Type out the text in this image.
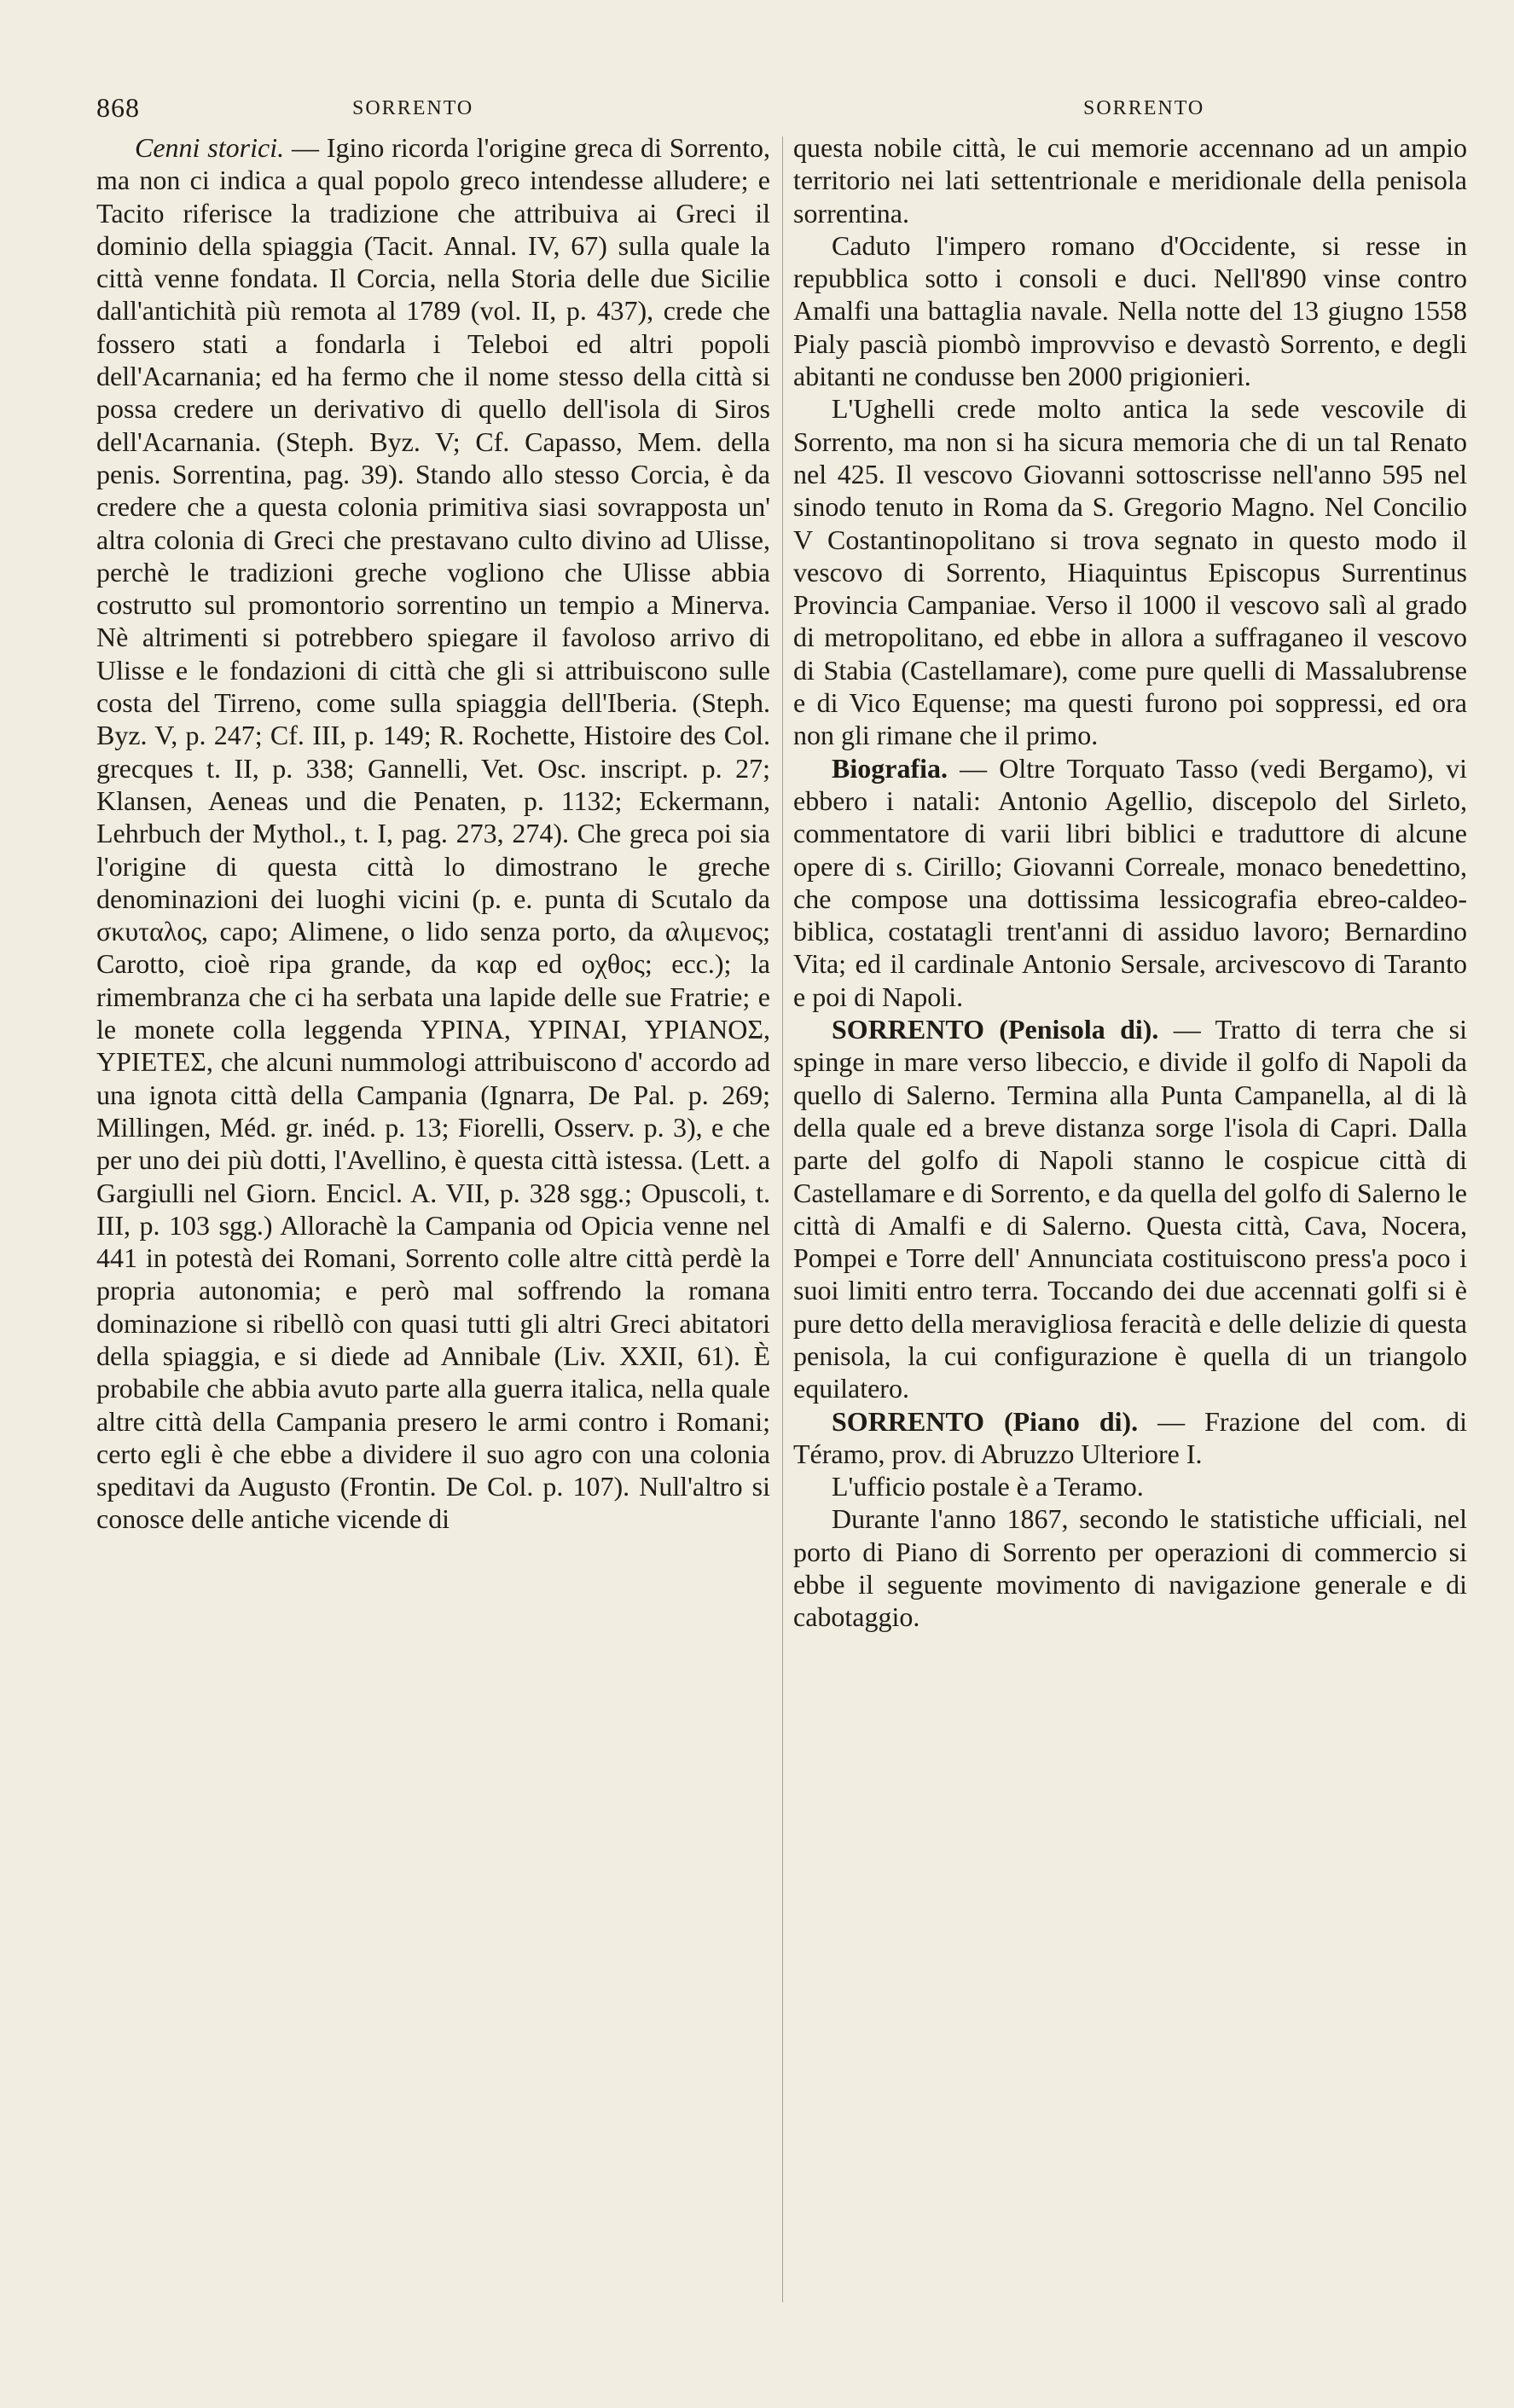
868	SORRENTO	SORRENTO

Cenni storici. — Igino ricorda l'origine greca di Sorrento, ma non ci indica a qual popolo greco intendesse alludere; e Tacito riferisce la tradizione che attribuiva ai Greci il dominio della spiaggia (Tacit. Annal. IV, 67) sulla quale la città venne fondata. Il Corcia, nella Storia delle due Sicilie dall'antichità più remota al 1789 (vol. II, p. 437), crede che fossero stati a fondarla i Teleboi ed altri popoli dell'Acarnania; ed ha fermo che il nome stesso della città si possa credere un derivativo di quello dell'isola di Siros dell'Acarnania. (Steph. Byz. V; Cf. Capasso, Mem. della penis. Sorrentina, pag. 39). Stando allo stesso Corcia, è da credere che a questa colonia primitiva siasi sovrapposta un' altra colonia di Greci che prestavano culto divino ad Ulisse, perchè le tradizioni greche vogliono che Ulisse abbia costrutto sul promontorio sorrentino un tempio a Minerva. Nè altrimenti si potrebbero spiegare il favoloso arrivo di Ulisse e le fondazioni di città che gli si attribuiscono sulle costa del Tirreno, come sulla spiaggia dell'Iberia. (Steph. Byz. V, p. 247; Cf. III, p. 149; R. Rochette, Histoire des Col. grecques t. II, p. 338; Gannelli, Vet. Osc. inscript. p. 27; Klansen, Aeneas und die Penaten, p. 1132; Eckermann, Lehrbuch der Mythol., t. I, pag. 273, 274). Che greca poi sia l'origine di questa città lo dimostrano le greche denominazioni dei luoghi vicini (p. e. punta di Scutalo da σκυταλος, capo; Alimene, o lido senza porto, da αλιμενος; Carotto, cioè ripa grande, da καρ ed οχθος; ecc.); la rimembranza che ci ha serbata una lapide delle sue Fratrie; e le monete colla leggenda ΥΡΙΝΑ, ΥΡΙΝΑΙ, ΥΡΙΑΝΟΣ, ΥΡΙΕΤΕΣ, che alcuni nummologi attribuiscono d' accordo ad una ignota città della Campania (Ignarra, De Pal. p. 269; Millingen, Méd. gr. inéd. p. 13; Fiorelli, Osserv. p. 3), e che per uno dei più dotti, l'Avellino, è questa città istessa. (Lett. a Gargiulli nel Giorn. Encicl. A. VII, p. 328 sgg.; Opuscoli, t. III, p. 103 sgg.) Allorachè la Campania od Opicia venne nel 441 in potestà dei Romani, Sorrento colle altre città perdè la propria autonomia; e però mal soffrendo la romana dominazione si ribellò con quasi tutti gli altri Greci abitatori della spiaggia, e si diede ad Annibale (Liv. XXII, 61). È probabile che abbia avuto parte alla guerra italica, nella quale altre città della Campania presero le armi contro i Romani; certo egli è che ebbe a dividere il suo agro con una colonia speditavi da Augusto (Frontin. De Col. p. 107). Null'altro si conosce delle antiche vicende di

questa nobile città, le cui memorie accennano ad un ampio territorio nei lati settentrionale e meridionale della penisola sorrentina.

Caduto l'impero romano d'Occidente, si resse in repubblica sotto i consoli e duci. Nell'890 vinse contro Amalfi una battaglia navale. Nella notte del 13 giugno 1558 Pialy pascià piombò improvviso e devastò Sorrento, e degli abitanti ne condusse ben 2000 prigionieri.

L'Ughelli crede molto antica la sede vescovile di Sorrento, ma non si ha sicura memoria che di un tal Renato nel 425. Il vescovo Giovanni sottoscrisse nell'anno 595 nel sinodo tenuto in Roma da S. Gregorio Magno. Nel Concilio V Costantinopolitano si trova segnato in questo modo il vescovo di Sorrento, Hiaquintus Episcopus Surrentinus Provincia Campaniae. Verso il 1000 il vescovo salì al grado di metropolitano, ed ebbe in allora a suffraganeo il vescovo di Stabia (Castellamare), come pure quelli di Massalubrense e di Vico Equense; ma questi furono poi soppressi, ed ora non gli rimane che il primo.

Biografia. — Oltre Torquato Tasso (vedi Bergamo), vi ebbero i natali: Antonio Agellio, discepolo del Sirleto, commentatore di varii libri biblici e traduttore di alcune opere di s. Cirillo; Giovanni Correale, monaco benedettino, che compose una dottissima lessicografia ebreo-caldeo-biblica, costatagli trent'anni di assiduo lavoro; Bernardino Vita; ed il cardinale Antonio Sersale, arcivescovo di Taranto e poi di Napoli.

SORRENTO (Penisola di). — Tratto di terra che si spinge in mare verso libeccio, e divide il golfo di Napoli da quello di Salerno. Termina alla Punta Campanella, al di là della quale ed a breve distanza sorge l'isola di Capri. Dalla parte del golfo di Napoli stanno le cospicue città di Castellamare e di Sorrento, e da quella del golfo di Salerno le città di Amalfi e di Salerno. Questa città, Cava, Nocera, Pompei e Torre dell' Annunciata costituiscono press'a poco i suoi limiti entro terra. Toccando dei due accennati golfi si è pure detto della meravigliosa feracità e delle delizie di questa penisola, la cui configurazione è quella di un triangolo equilatero.

SORRENTO (Piano di). — Frazione del com. di Téramo, prov. di Abruzzo Ulteriore I.

L'ufficio postale è a Teramo.

Durante l'anno 1867, secondo le statistiche ufficiali, nel porto di Piano di Sorrento per operazioni di commercio si ebbe il seguente movimento di navigazione generale e di cabotaggio.
